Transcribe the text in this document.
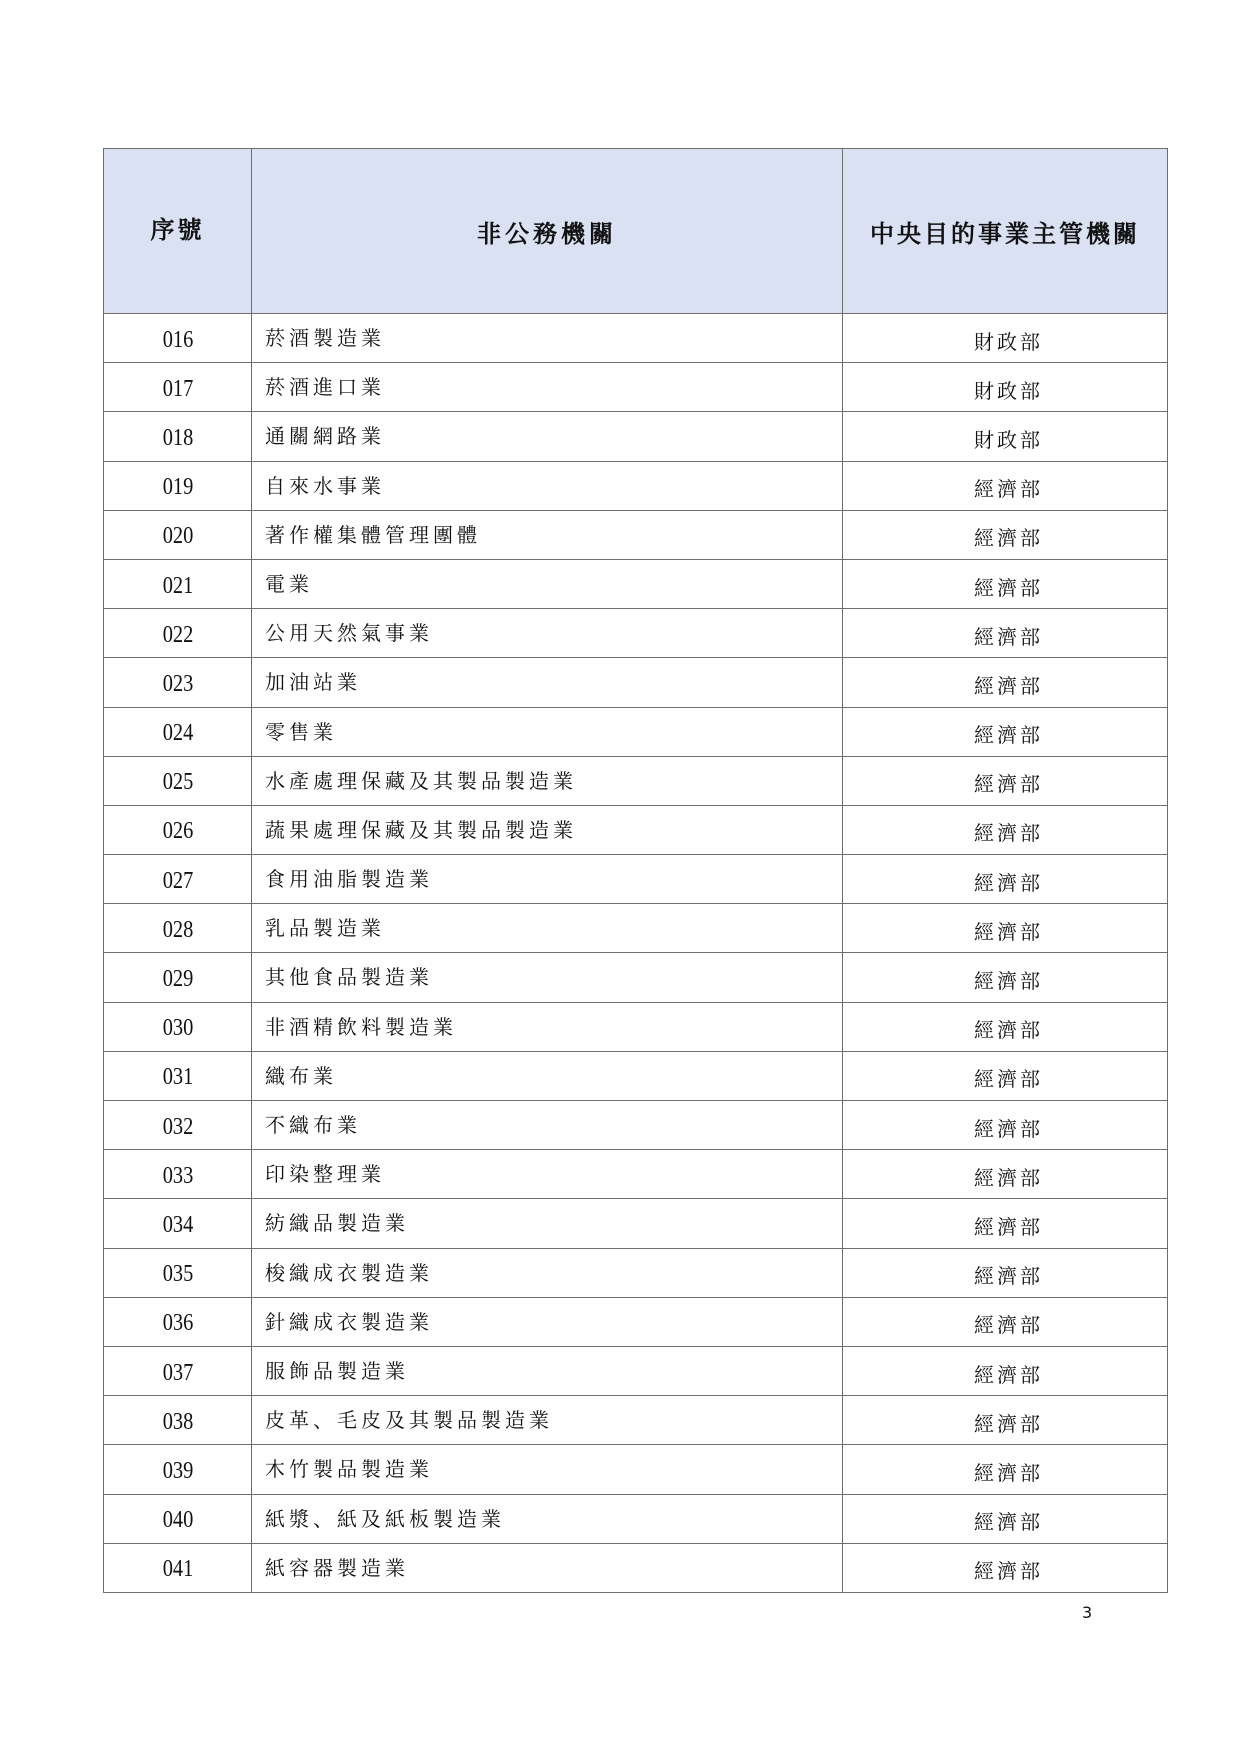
序號	非公務機關	中央目的事業主管機關
016	菸酒製造業	財政部
017	菸酒進口業	財政部
018	通關網路業	財政部
019	自來水事業	經濟部
020	著作權集體管理團體	經濟部
021	電業	經濟部
022	公用天然氣事業	經濟部
023	加油站業	經濟部
024	零售業	經濟部
025	水產處理保藏及其製品製造業	經濟部
026	蔬果處理保藏及其製品製造業	經濟部
027	食用油脂製造業	經濟部
028	乳品製造業	經濟部
029	其他食品製造業	經濟部
030	非酒精飲料製造業	經濟部
031	織布業	經濟部
032	不織布業	經濟部
033	印染整理業	經濟部
034	紡織品製造業	經濟部
035	梭織成衣製造業	經濟部
036	針織成衣製造業	經濟部
037	服飾品製造業	經濟部
038	皮革、毛皮及其製品製造業	經濟部
039	木竹製品製造業	經濟部
040	紙漿、紙及紙板製造業	經濟部
041	紙容器製造業	經濟部
3
